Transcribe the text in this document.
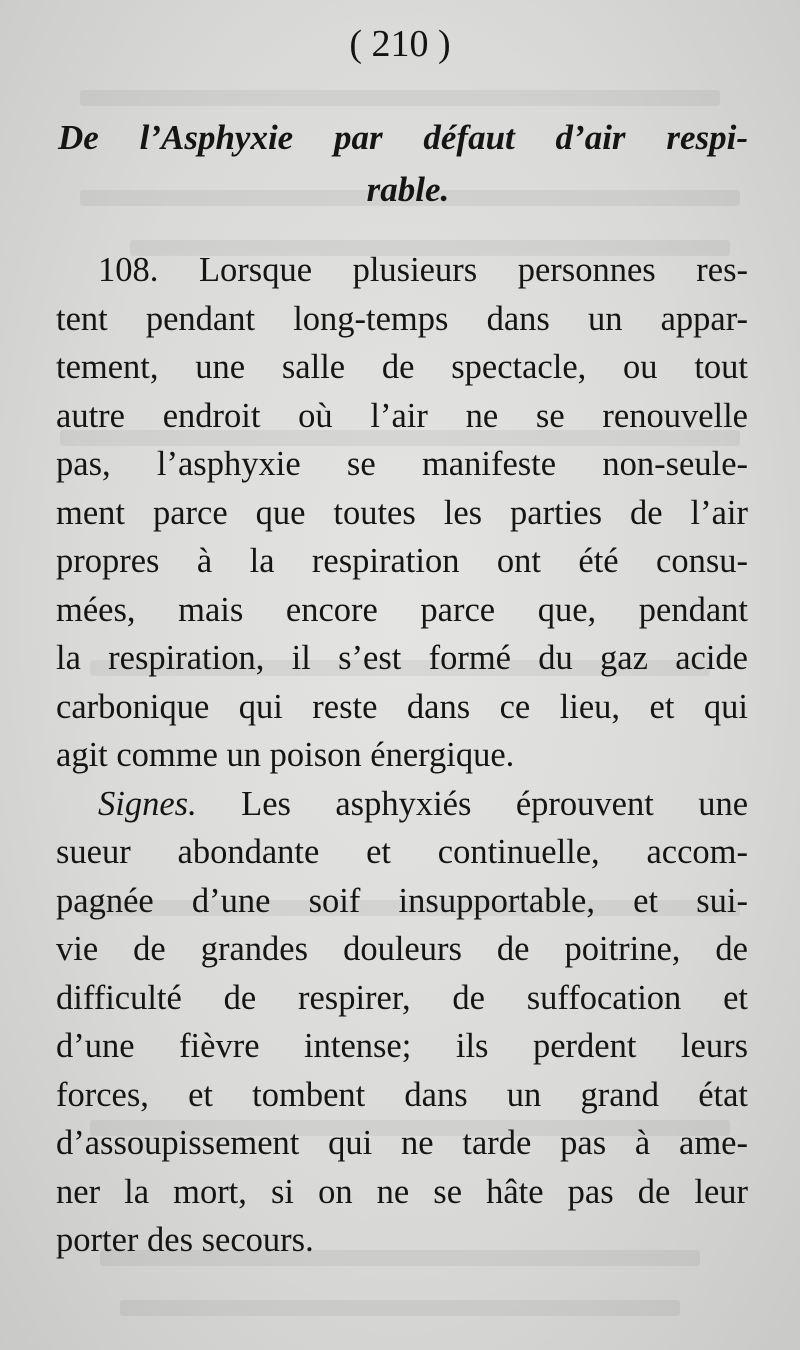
( 210 )
De l’Asphyxie par défaut d’air respi-
rable.
108. Lorsque plusieurs personnes res-
tent pendant long-temps dans un appar-
tement, une salle de spectacle, ou tout
autre endroit où l’air ne se renouvelle
pas, l’asphyxie se manifeste non-seule-
ment parce que toutes les parties de l’air
propres à la respiration ont été consu-
mées, mais encore parce que, pendant
la respiration, il s’est formé du gaz acide
carbonique qui reste dans ce lieu, et qui
agit comme un poison énergique.
Signes. Les asphyxiés éprouvent une
sueur abondante et continuelle, accom-
pagnée d’une soif insupportable, et sui-
vie de grandes douleurs de poitrine, de
difficulté de respirer, de suffocation et
d’une fièvre intense; ils perdent leurs
forces, et tombent dans un grand état
d’assoupissement qui ne tarde pas à ame-
ner la mort, si on ne se hâte pas de leur
porter des secours.
